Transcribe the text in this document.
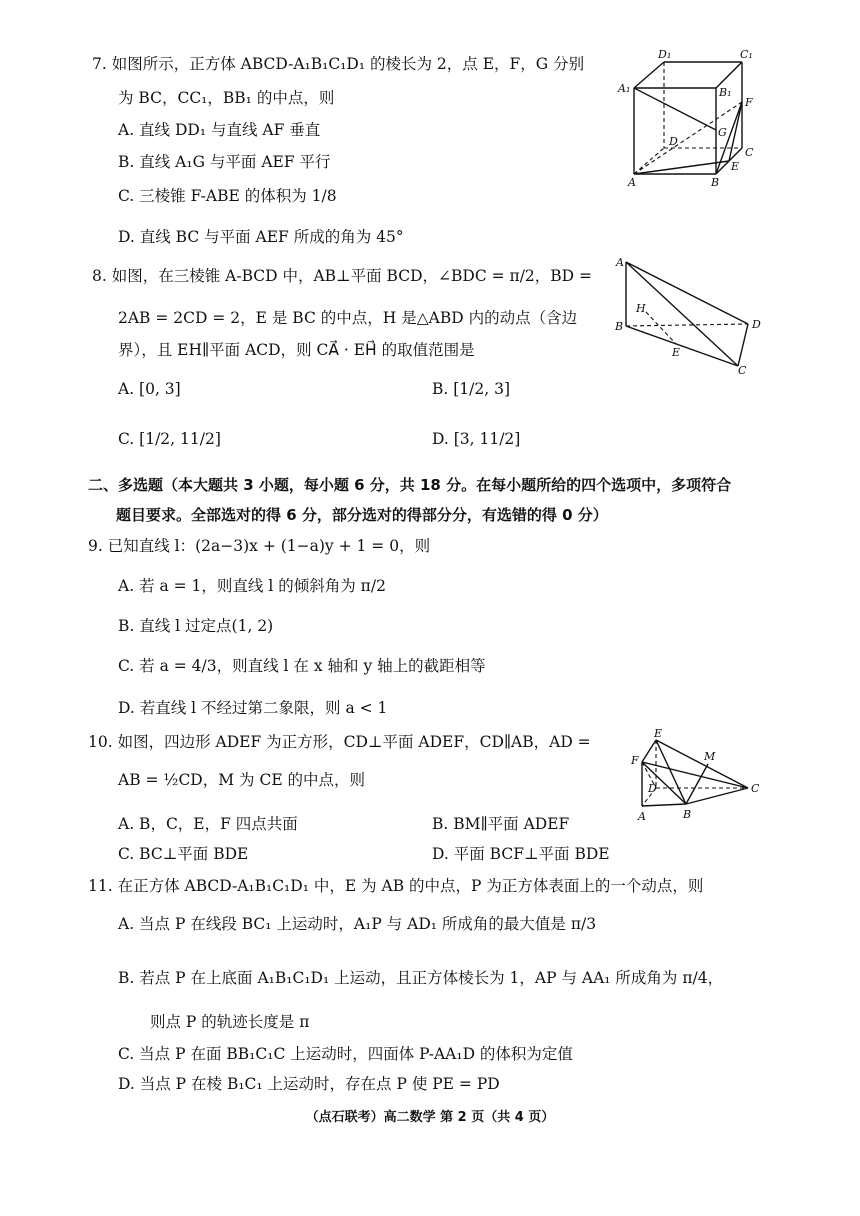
7. 如图所示，正方体 ABCD-A₁B₁C₁D₁ 的棱长为 2，点 E，F，G 分别
为 BC，CC₁，BB₁ 的中点，则
A. 直线 DD₁ 与直线 AF 垂直
B. 直线 A₁G 与平面 AEF 平行
C. 三棱锥 F-ABE 的体积为 1/8
D. 直线 BC 与平面 AEF 所成的角为 45°
D₁	C₁
A₁	B₁
F
G
D
C
E
A	B
8. 如图，在三棱锥 A-BCD 中，AB⊥平面 BCD，∠BDC = π/2，BD =
2AB = 2CD = 2，E 是 BC 的中点，H 是△ABD 内的动点（含边
界），且 EH∥平面 ACD，则 CA⃗ · EH⃗ 的取值范围是
A. [0, 3]	B. [1/2, 3]
C. [1/2, 11/2]	D. [3, 11/2]
A
H
B	D
E
C
二、多选题（本大题共 3 小题，每小题 6 分，共 18 分。在每小题所给的四个选项中，多项符合
题目要求。全部选对的得 6 分，部分选对的得部分分，有选错的得 0 分）
9. 已知直线 l：(2a−3)x + (1−a)y + 1 = 0，则
A. 若 a = 1，则直线 l 的倾斜角为 π/2
B. 直线 l 过定点(1, 2)
C. 若 a = 4/3，则直线 l 在 x 轴和 y 轴上的截距相等
D. 若直线 l 不经过第二象限，则 a < 1
10. 如图，四边形 ADEF 为正方形，CD⊥平面 ADEF，CD∥AB，AD =
AB = ½CD，M 为 CE 的中点，则
A. B，C，E，F 四点共面	B. BM∥平面 ADEF
C. BC⊥平面 BDE	D. 平面 BCF⊥平面 BDE
E
M
F
D	C
A	B
11. 在正方体 ABCD-A₁B₁C₁D₁ 中，E 为 AB 的中点，P 为正方体表面上的一个动点，则
A. 当点 P 在线段 BC₁ 上运动时，A₁P 与 AD₁ 所成角的最大值是 π/3
B. 若点 P 在上底面 A₁B₁C₁D₁ 上运动，且正方体棱长为 1，AP 与 AA₁ 所成角为 π/4，
则点 P 的轨迹长度是 π
C. 当点 P 在面 BB₁C₁C 上运动时，四面体 P-AA₁D 的体积为定值
D. 当点 P 在棱 B₁C₁ 上运动时，存在点 P 使 PE = PD
（点石联考）高二数学 第 2 页（共 4 页）
